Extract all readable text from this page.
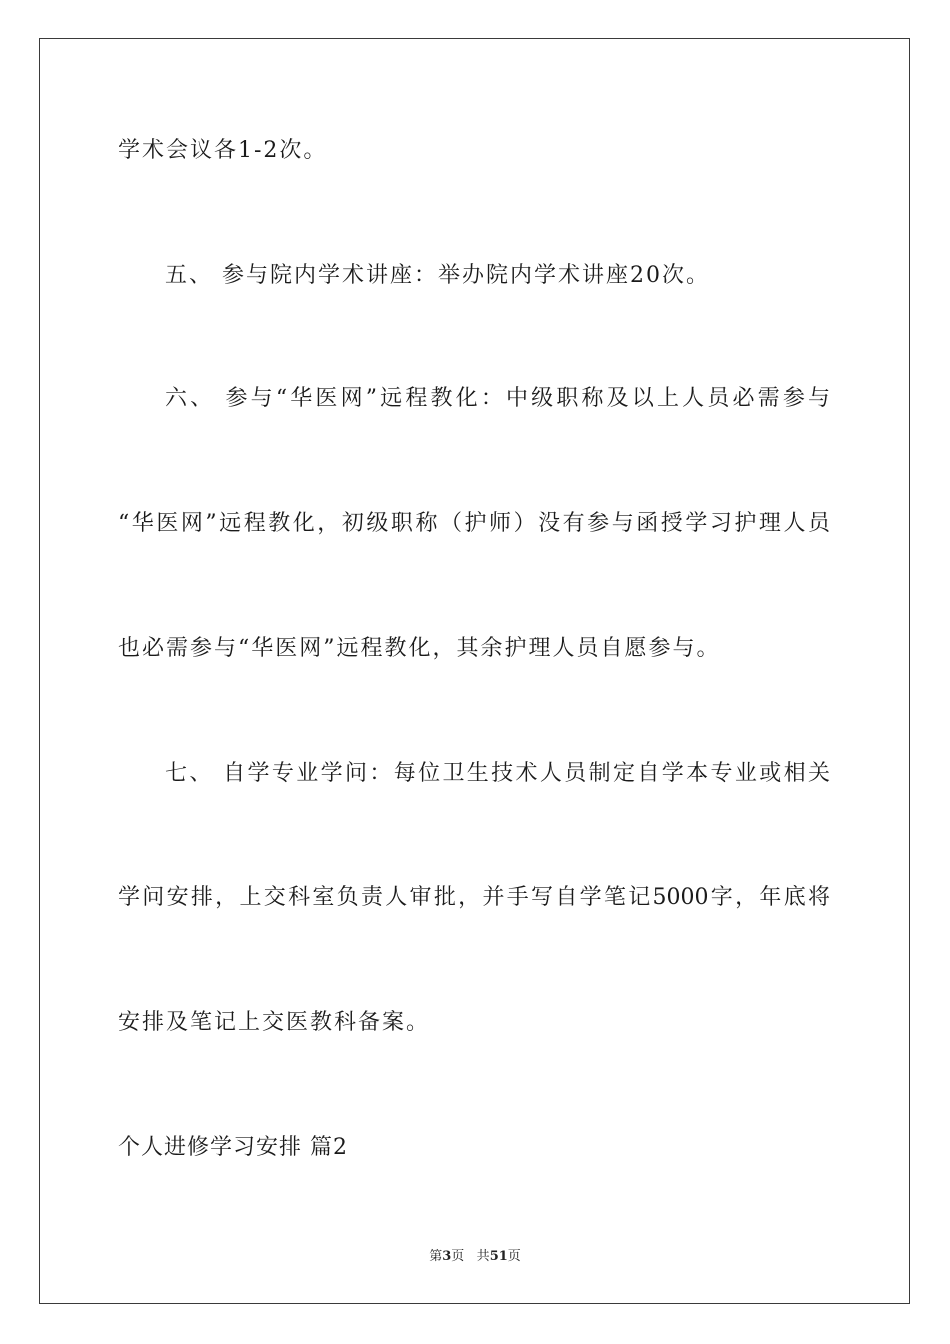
学术会议各1-2次。
五、 参与院内学术讲座：举办院内学术讲座20次。
六、 参与“华医网”远程教化：中级职称及以上人员必需参与
“华医网”远程教化，初级职称（护师）没有参与函授学习护理人员
也必需参与“华医网”远程教化，其余护理人员自愿参与。
七、 自学专业学问：每位卫生技术人员制定自学本专业或相关
学问安排，上交科室负责人审批，并手写自学笔记5000字，年底将
安排及笔记上交医教科备案。
个人进修学习安排 篇2
第3页 共51页
